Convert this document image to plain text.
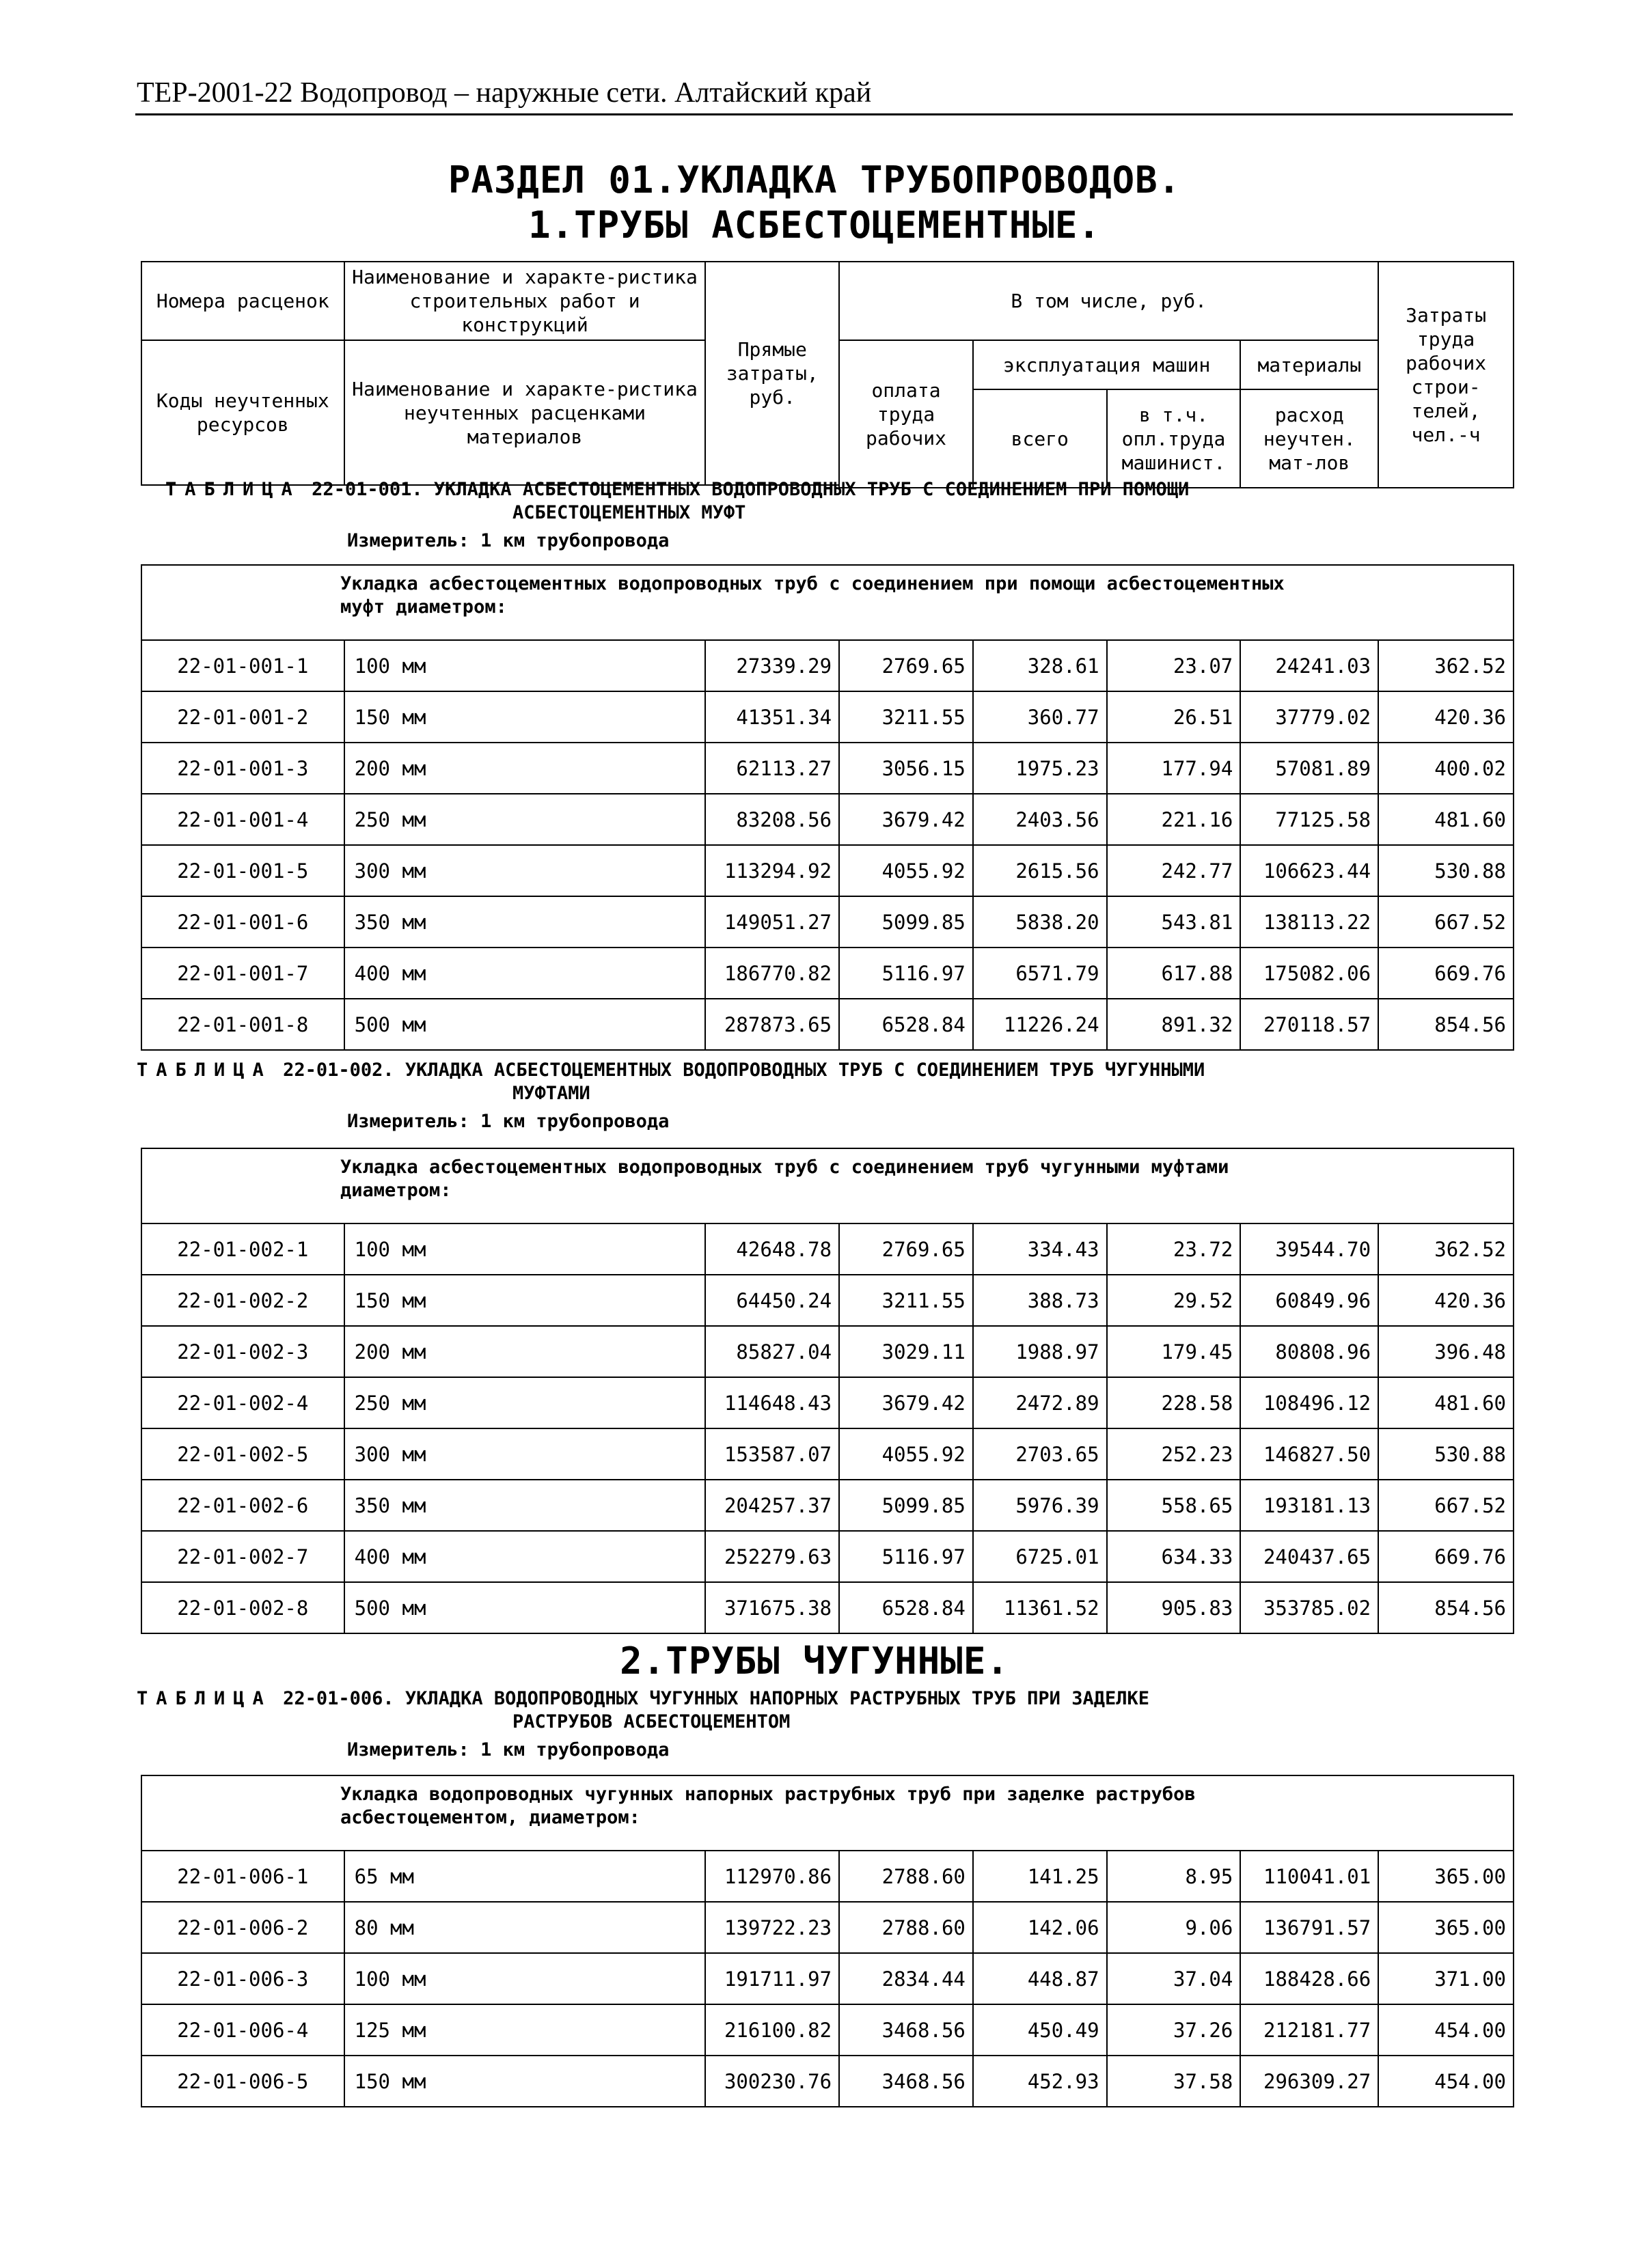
ТЕР-2001-22 Водопровод – наружные сети. Алтайский край
РАЗДЕЛ 01.УКЛАДКА ТРУБОПРОВОДОВ.
1.ТРУБЫ АСБЕСТОЦЕМЕНТНЫЕ.
Номера расценок	Наименование и характе-ристика строительных работ и конструкций	Прямые затраты, руб.	В том числе, руб.				Затраты труда рабочих строи-телей, чел.-ч
Коды неучтенных ресурсов	Наименование и характе-ристика неучтенных расценками материалов		оплата труда рабочих	эксплуатация машин		материалы	
				всего	в т.ч. опл.труда машинист.	расход неучтен. мат-лов	

ТАБЛИЦА 22-01-001. УКЛАДКА АСБЕСТОЦЕМЕНТНЫХ ВОДОПРОВОДНЫХ ТРУБ С СОЕДИНЕНИЕМ ПРИ ПОМОЩИ
АСБЕСТОЦЕМЕНТНЫХ МУФТ
Измеритель: 1 км трубопровода
Укладка асбестоцементных водопроводных труб с соединением при помощи асбестоцементных
муфт диаметром:							
22-01-001-1	100 мм	27339.29	2769.65	328.61	23.07	24241.03	362.52
22-01-001-2	150 мм	41351.34	3211.55	360.77	26.51	37779.02	420.36
22-01-001-3	200 мм	62113.27	3056.15	1975.23	177.94	57081.89	400.02
22-01-001-4	250 мм	83208.56	3679.42	2403.56	221.16	77125.58	481.60
22-01-001-5	300 мм	113294.92	4055.92	2615.56	242.77	106623.44	530.88
22-01-001-6	350 мм	149051.27	5099.85	5838.20	543.81	138113.22	667.52
22-01-001-7	400 мм	186770.82	5116.97	6571.79	617.88	175082.06	669.76
22-01-001-8	500 мм	287873.65	6528.84	11226.24	891.32	270118.57	854.56
ТАБЛИЦА 22-01-002. УКЛАДКА АСБЕСТОЦЕМЕНТНЫХ ВОДОПРОВОДНЫХ ТРУБ С СОЕДИНЕНИЕМ ТРУБ ЧУГУННЫМИ
МУФТАМИ
Измеритель: 1 км трубопровода
Укладка асбестоцементных водопроводных труб с соединением труб чугунными муфтами
диаметром:							
22-01-002-1	100 мм	42648.78	2769.65	334.43	23.72	39544.70	362.52
22-01-002-2	150 мм	64450.24	3211.55	388.73	29.52	60849.96	420.36
22-01-002-3	200 мм	85827.04	3029.11	1988.97	179.45	80808.96	396.48
22-01-002-4	250 мм	114648.43	3679.42	2472.89	228.58	108496.12	481.60
22-01-002-5	300 мм	153587.07	4055.92	2703.65	252.23	146827.50	530.88
22-01-002-6	350 мм	204257.37	5099.85	5976.39	558.65	193181.13	667.52
22-01-002-7	400 мм	252279.63	5116.97	6725.01	634.33	240437.65	669.76
22-01-002-8	500 мм	371675.38	6528.84	11361.52	905.83	353785.02	854.56
2.ТРУБЫ ЧУГУННЫЕ.
ТАБЛИЦА 22-01-006. УКЛАДКА ВОДОПРОВОДНЫХ ЧУГУННЫХ НАПОРНЫХ РАСТРУБНЫХ ТРУБ ПРИ ЗАДЕЛКЕ
РАСТРУБОВ АСБЕСТОЦЕМЕНТОМ
Измеритель: 1 км трубопровода
Укладка водопроводных чугунных напорных раструбных труб при заделке раструбов
асбестоцементом, диаметром:							
22-01-006-1	65 мм	112970.86	2788.60	141.25	8.95	110041.01	365.00
22-01-006-2	80 мм	139722.23	2788.60	142.06	9.06	136791.57	365.00
22-01-006-3	100 мм	191711.97	2834.44	448.87	37.04	188428.66	371.00
22-01-006-4	125 мм	216100.82	3468.56	450.49	37.26	212181.77	454.00
22-01-006-5	150 мм	300230.76	3468.56	452.93	37.58	296309.27	454.00
